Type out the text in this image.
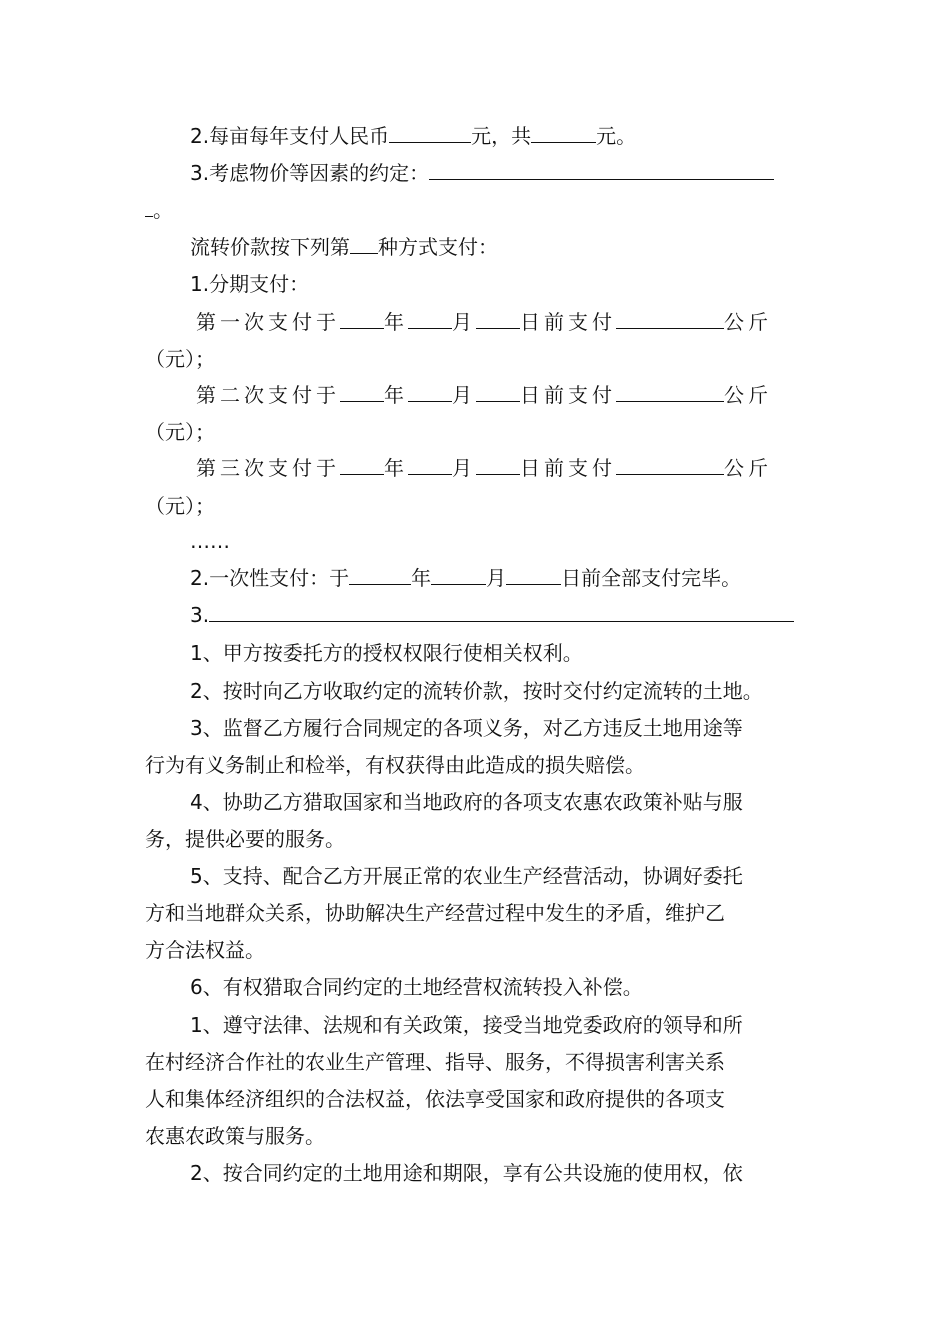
2.每亩每年支付人民币	元，共	元。
3.考虑物价等因素的约定：
。
流转价款按下列第 种方式支付：
1.分期支付：
第一次支付于 年 月 日前支付	公斤
（元）；
第二次支付于 年 月 日前支付	公斤
（元）；
第三次支付于 年 月 日前支付	公斤
（元）；
……
2.一次性支付：于	年	月	日前全部支付完毕。
3.
1、甲方按委托方的授权权限行使相关权利。
2、按时向乙方收取约定的流转价款，按时交付约定流转的土地。
3、监督乙方履行合同规定的各项义务，对乙方违反土地用途等
行为有义务制止和检举，有权获得由此造成的损失赔偿。
4、协助乙方猎取国家和当地政府的各项支农惠农政策补贴与服
务，提供必要的服务。
5、支持、配合乙方开展正常的农业生产经营活动，协调好委托
方和当地群众关系，协助解决生产经营过程中发生的矛盾，维护乙
方合法权益。
6、有权猎取合同约定的土地经营权流转投入补偿。
1、遵守法律、法规和有关政策，接受当地党委政府的领导和所
在村经济合作社的农业生产管理、指导、服务，不得损害利害关系
人和集体经济组织的合法权益，依法享受国家和政府提供的各项支
农惠农政策与服务。
2、按合同约定的土地用途和期限，享有公共设施的使用权，依
